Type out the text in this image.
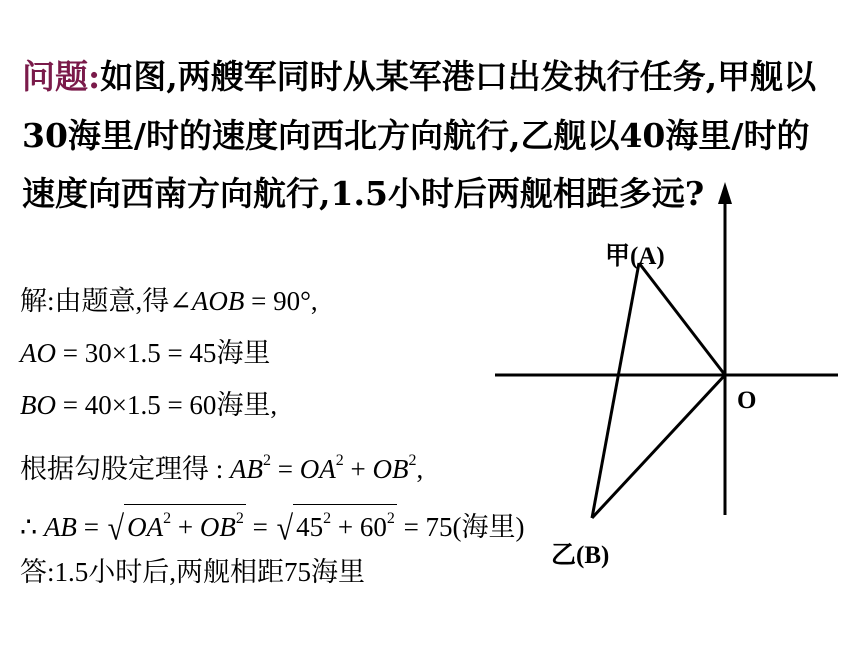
问题:如图,两艘军同时从某军港口出发执行任务,甲舰以30海里/时的速度向西北方向航行,乙舰以40海里/时的速度向西南方向航行,1.5小时后两舰相距多远?
解:由题意,得∠AOB = 90°,
AO = 30×1.5 = 45海里
BO = 40×1.5 = 60海里,
根据勾股定理得 : $AB^2 = OA^2 + OB^2$,
∴ AB = √ $OA^2 + OB^2$ = √ $45^2 + 60^2 = 75$(海里)
答:1.5小时后,两舰相距75海里
甲(A)
乙(B)
O
